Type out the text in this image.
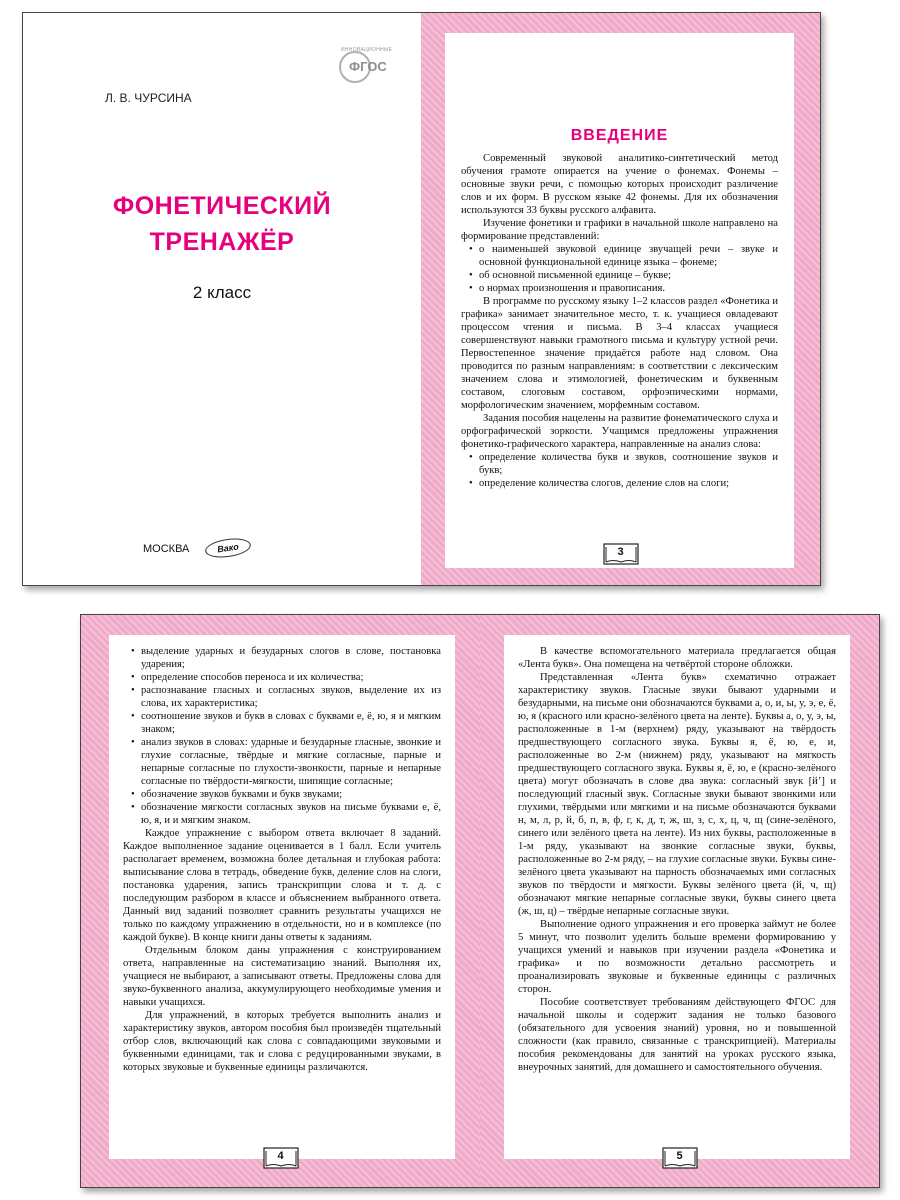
ИННОВАЦИОННЫЕ
ФГОС
Л. В. ЧУРСИНА
ФОНЕТИЧЕСКИЙ
ТРЕНАЖЁР
2 класс
МОСКВА	Вако
ВВЕДЕНИЕ

Современный звуковой аналитико-синтетический метод обучения грамоте опирается на учение о фонемах. Фонемы – основные звуки речи, с помощью которых происходит различение слов и их форм. В русском языке 42 фонемы. Для их обозначения используются 33 буквы русского алфавита.

Изучение фонетики и графики в начальной школе направлено на формирование представлений:

• о наименьшей звуковой единице звучащей речи – звуке и основной функциональной единице языка – фонеме;
• об основной письменной единице – букве;
• о нормах произношения и правописания.

В программе по русскому языку 1–2 классов раздел «Фонетика и графика» занимает значительное место, т. к. учащиеся овладевают процессом чтения и письма. В 3–4 классах учащиеся совершенствуют навыки грамотного письма и культуру устной речи. Первостепенное значение придаётся работе над словом. Она проводится по разным направлениям: в соответствии с лексическим значением слова и этимологией, фонетическим и буквенным составом, слоговым составом, орфоэпическими нормами, морфологическим значением, морфемным составом.

Задания пособия нацелены на развитие фонематического слуха и орфографической зоркости. Учащимся предложены упражнения фонетико-графического характера, направленные на анализ слова:

• определение количества букв и звуков, соотношение звуков и букв;
• определение количества слогов, деление слов на слоги;
3
• выделение ударных и безударных слогов в слове, постановка ударения;
• определение способов переноса и их количества;
• распознавание гласных и согласных звуков, выделение их из слова, их характеристика;
• соотношение звуков и букв в словах с буквами е, ё, ю, я и мягким знаком;
• анализ звуков в словах: ударные и безударные гласные, звонкие и глухие согласные, твёрдые и мягкие согласные, парные и непарные согласные по глухости-звонкости, парные и непарные согласные по твёрдости-мягкости, шипящие согласные;
• обозначение звуков буквами и букв звуками;
• обозначение мягкости согласных звуков на письме буквами е, ё, ю, я, и и мягким знаком.

Каждое упражнение с выбором ответа включает 8 заданий. Каждое выполненное задание оценивается в 1 балл. Если учитель располагает временем, возможна более детальная и глубокая работа: выписывание слова в тетрадь, обведение букв, деление слов на слоги, постановка ударения, запись транскрипции слова и т. д. с последующим разбором в классе и объяснением выбранного ответа. Данный вид заданий позволяет сравнить результаты учащихся не только по каждому упражнению в отдельности, но и в комплексе (по каждой букве). В конце книги даны ответы к заданиям.

Отдельным блоком даны упражнения с конструированием ответа, направленные на систематизацию знаний. Выполняя их, учащиеся не выбирают, а записывают ответы. Предложены слова для звуко-буквенного анализа, аккумулирующего необходимые умения и навыки учащихся.

Для упражнений, в которых требуется выполнить анализ и характеристику звуков, автором пособия был произведён тщательный отбор слов, включающий как слова с совпадающими звуковыми и буквенными единицами, так и слова с редуцированными звуками, в которых звуковые и буквенные единицы различаются.

4

В качестве вспомогательного материала предлагается общая «Лента букв». Она помещена на четвёртой стороне обложки.

Представленная «Лента букв» схематично отражает характеристику звуков. Гласные звуки бывают ударными и безударными, на письме они обозначаются буквами а, о, и, ы, у, э, е, ё, ю, я (красного или красно-зелёного цвета на ленте). Буквы а, о, у, э, ы, расположенные в 1-м (верхнем) ряду, указывают на твёрдость предшествующего согласного звука. Буквы я, ё, ю, е, и, расположенные во 2-м (нижнем) ряду, указывают на мягкость предшествующего согласного звука. Буквы я, ё, ю, е (красно-зелёного цвета) могут обозначать в слове два звука: согласный звук [й’] и последующий гласный звук. Согласные звуки бывают звонкими или глухими, твёрдыми или мягкими и на письме обозначаются буквами н, м, л, р, й, б, п, в, ф, г, к, д, т, ж, ш, з, с, х, ц, ч, щ (сине-зелёного, синего или зелёного цвета на ленте). Из них буквы, расположенные в 1-м ряду, указывают на звонкие согласные звуки, буквы, расположенные во 2-м ряду, – на глухие согласные звуки. Буквы сине-зелёного цвета указывают на парность обозначаемых ими согласных звуков по твёрдости и мягкости. Буквы зелёного цвета (й, ч, щ) обозначают мягкие непарные согласные звуки, буквы синего цвета (ж, ш, ц) – твёрдые непарные согласные звуки.

Выполнение одного упражнения и его проверка займут не более 5 минут, что позволит уделить больше времени формированию у учащихся умений и навыков при изучении раздела «Фонетика и графика» и по возможности детально рассмотреть и проанализировать звуковые и буквенные единицы с различных сторон.

Пособие соответствует требованиям действующего ФГОС для начальной школы и содержит задания не только базового (обязательного для усвоения знаний) уровня, но и повышенной сложности (как правило, связанные с транскрипцией). Материалы пособия рекомендованы для занятий на уроках русского языка, внеурочных занятий, для домашнего и самостоятельного обучения.

5
